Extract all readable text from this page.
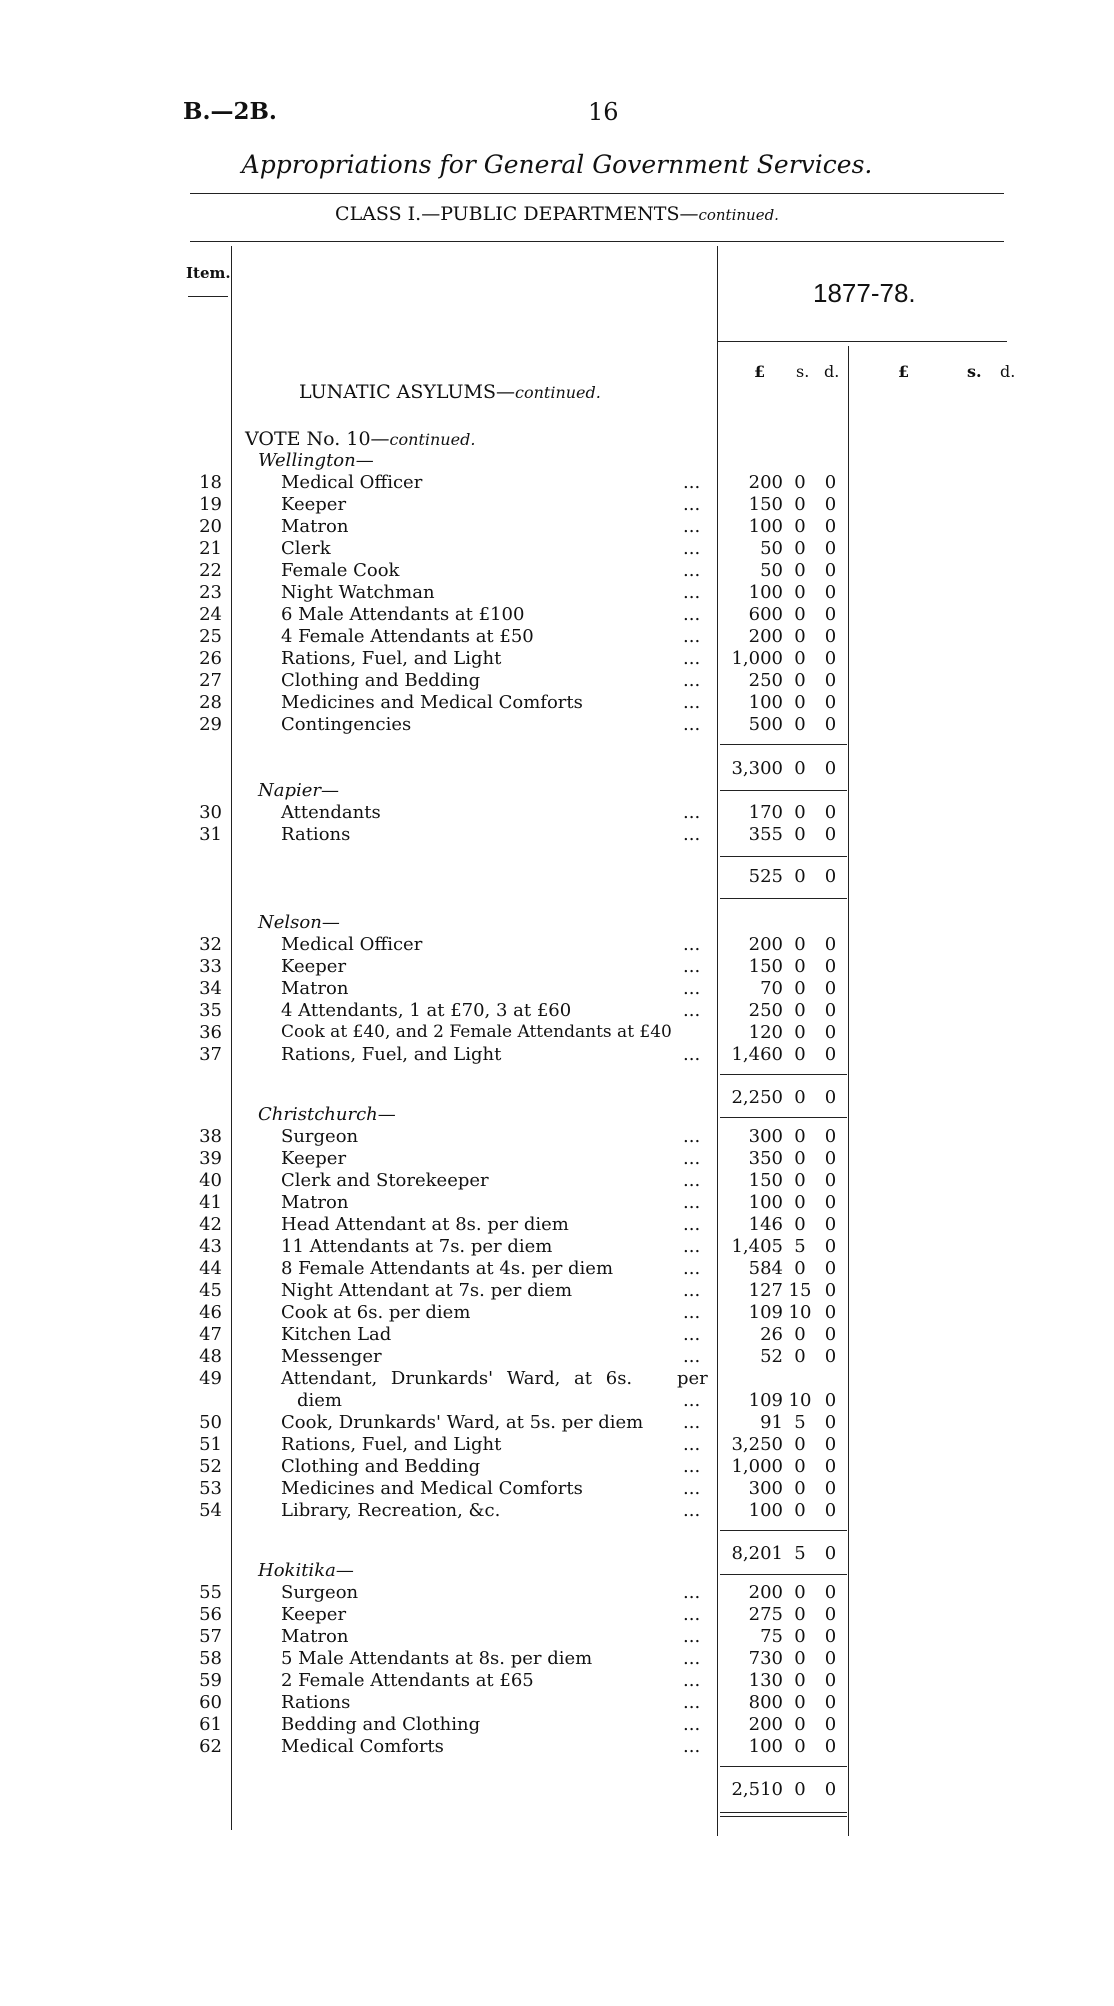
B.—2B.	16
Appropriations for General Government Services.
CLASS I.—PUBLIC DEPARTMENTS—continued.
Item.
1877-78.
£ s. d.	£	s. d.
LUNATIC ASYLUMS—continued.
VOTE No. 10—continued.
Wellington—
18	Medical Officer	...	200 0	0
19	Keeper	...	150 0	0
20	Matron	...	100 0	0
21	Clerk	...	50 0	0
22	Female Cook	...	50 0	0
23	Night Watchman	...	100 0	0
24	6 Male Attendants at £100	...	600 0	0
25	4 Female Attendants at £50	...	200 0	0
26	Rations, Fuel, and Light	...	1,000 0	0
27	Clothing and Bedding	...	250 0	0
28	Medicines and Medical Comforts	...	100 0	0
29	Contingencies	...	500 0	0
3,300 0	0
Napier—
30	Attendants	...	170 0	0
31	Rations	...	355 0	0
525 0	0
Nelson—
32	Medical Officer	...	200 0	0
33	Keeper	...	150 0	0
34	Matron	...	70 0	0
35	4 Attendants, 1 at £70, 3 at £60	...	250 0	0
36	Cook at £40, and 2 Female Attendants at £40	120 0	0
37	Rations, Fuel, and Light	...	1,460 0	0
2,250 0	0
Christchurch—
38	Surgeon	...	300 0	0
39	Keeper	...	350 0	0
40	Clerk and Storekeeper	...	150 0	0
41	Matron	...	100 0	0
42	Head Attendant at 8s. per diem	...	146 0	0
43	11 Attendants at 7s. per diem	...	1,405 5	0
44	8 Female Attendants at 4s. per diem	...	584 0	0
45	Night Attendant at 7s. per diem	...	127 15 0
46	Cook at 6s. per diem	...	109 10 0
47	Kitchen Lad	...	26 0	0
48	Messenger	...	52 0	0
49	Attendant, Drunkards' Ward, at 6s. per
diem	...	109 10 0
50	Cook, Drunkards' Ward, at 5s. per diem ...	91 5	0
51	Rations, Fuel, and Light	...	3,250 0	0
52	Clothing and Bedding	...	1,000 0	0
53	Medicines and Medical Comforts	...	300 0	0
54	Library, Recreation, &c.	...	100 0	0
8,201 5	0
Hokitika—
55	Surgeon	...	200 0	0
56	Keeper	...	275 0	0
57	Matron	...	75 0	0
58	5 Male Attendants at 8s. per diem	...	730 0	0
59	2 Female Attendants at £65	...	130 0	0
60	Rations	...	800 0	0
61	Bedding and Clothing	...	200 0	0
62	Medical Comforts	...	100 0	0
2,510 0	0
